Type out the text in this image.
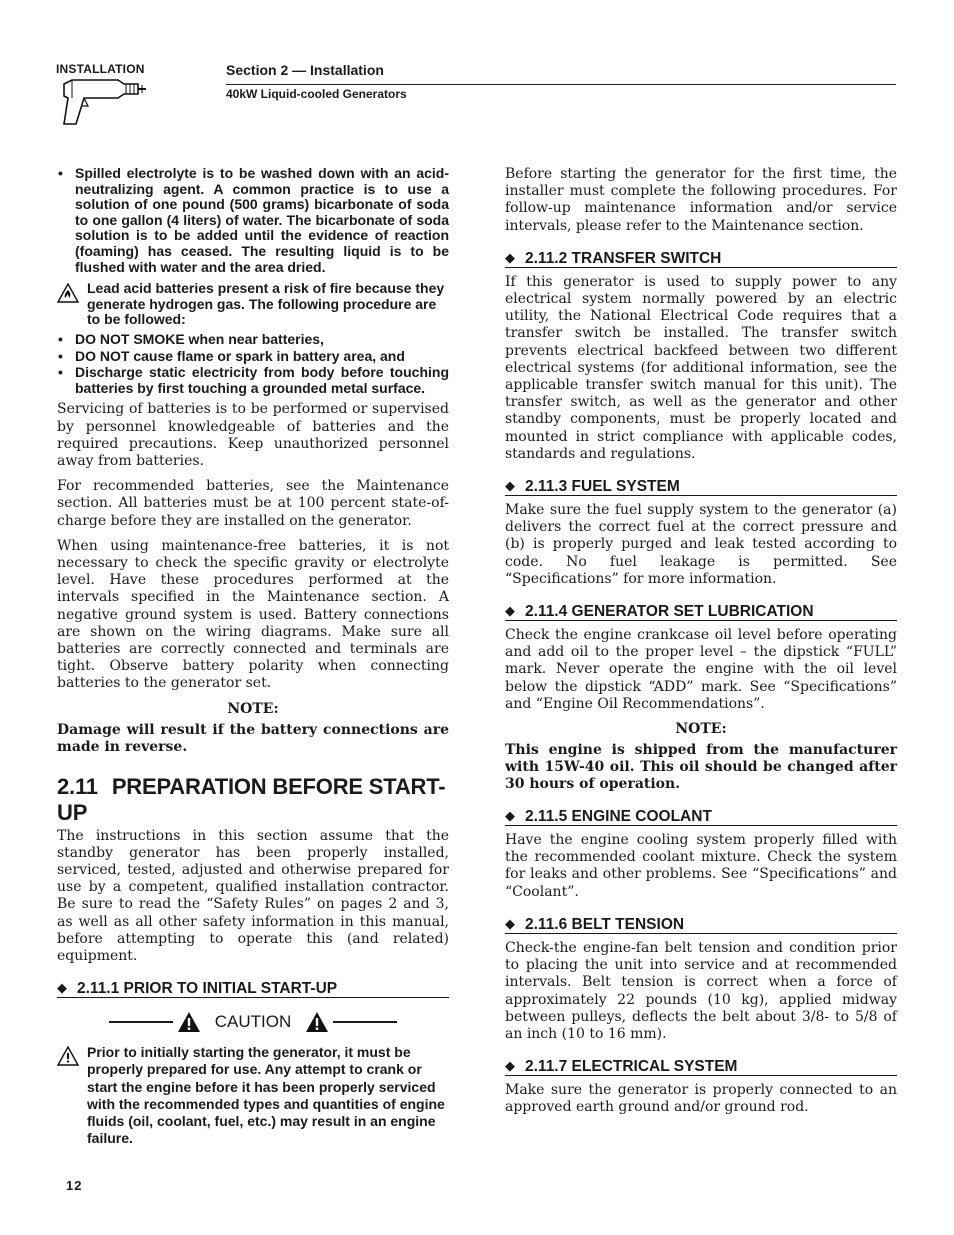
INSTALLATION	Section 2 — Installation
40kW Liquid-cooled Generators
• Spilled electrolyte is to be washed down with an acid-neutralizing agent. A common practice is to use a solution of one pound (500 grams) bicarbonate of soda to one gallon (4 liters) of water. The bicarbonate of soda solution is to be added until the evidence of reaction (foaming) has ceased. The resulting liquid is to be flushed with water and the area dried.
Lead acid batteries present a risk of fire because they generate hydrogen gas. The following procedure are to be followed:
• DO NOT SMOKE when near batteries,
• DO NOT cause flame or spark in battery area, and
• Discharge static electricity from body before touching batteries by first touching a grounded metal surface.

Servicing of batteries is to be performed or supervised by personnel knowledgeable of batteries and the required precautions. Keep unauthorized personnel away from batteries.

For recommended batteries, see the Maintenance section. All batteries must be at 100 percent state-of-charge before they are installed on the generator.

When using maintenance-free batteries, it is not necessary to check the specific gravity or electrolyte level. Have these procedures performed at the intervals specified in the Maintenance section. A negative ground system is used. Battery connections are shown on the wiring diagrams. Make sure all batteries are correctly connected and terminals are tight. Observe battery polarity when connecting batteries to the generator set.

NOTE:
Damage will result if the battery connections are made in reverse.
2.11 PREPARATION BEFORE START-UP

The instructions in this section assume that the standby generator has been properly installed, serviced, tested, adjusted and otherwise prepared for use by a competent, qualified installation contractor. Be sure to read the “Safety Rules” on pages 2 and 3, as well as all other safety information in this manual, before attempting to operate this (and related) equipment.

◆ 2.11.1 PRIOR TO INITIAL START-UP
CAUTION
Prior to initially starting the generator, it must be properly prepared for use. Any attempt to crank or start the engine before it has been properly serviced with the recommended types and quantities of engine fluids (oil, coolant, fuel, etc.) may result in an engine failure.

Before starting the generator for the first time, the installer must complete the following procedures. For follow-up maintenance information and/or service intervals, please refer to the Maintenance section.

◆ 2.11.2 TRANSFER SWITCH

If this generator is used to supply power to any electrical system normally powered by an electric utility, the National Electrical Code requires that a transfer switch be installed. The transfer switch prevents electrical backfeed between two different electrical systems (for additional information, see the applicable transfer switch manual for this unit). The transfer switch, as well as the generator and other standby components, must be properly located and mounted in strict compliance with applicable codes, standards and regulations.

◆ 2.11.3 FUEL SYSTEM

Make sure the fuel supply system to the generator (a) delivers the correct fuel at the correct pressure and (b) is properly purged and leak tested according to code. No fuel leakage is permitted. See “Specifications” for more information.

◆ 2.11.4 GENERATOR SET LUBRICATION

Check the engine crankcase oil level before operating and add oil to the proper level – the dipstick “FULL” mark. Never operate the engine with the oil level below the dipstick “ADD” mark. See “Specifications” and “Engine Oil Recommendations”.

NOTE:
This engine is shipped from the manufacturer with 15W-40 oil. This oil should be changed after 30 hours of operation.
◆ 2.11.5 ENGINE COOLANT

Have the engine cooling system properly filled with the recommended coolant mixture. Check the system for leaks and other problems. See “Specifications” and “Coolant”.

◆ 2.11.6 BELT TENSION

Check-the engine-fan belt tension and condition prior to placing the unit into service and at recommended intervals. Belt tension is correct when a force of approximately 22 pounds (10 kg), applied midway between pulleys, deflects the belt about 3/8- to 5/8 of an inch (10 to 16 mm).

◆ 2.11.7 ELECTRICAL SYSTEM

Make sure the generator is properly connected to an approved earth ground and/or ground rod.

12
